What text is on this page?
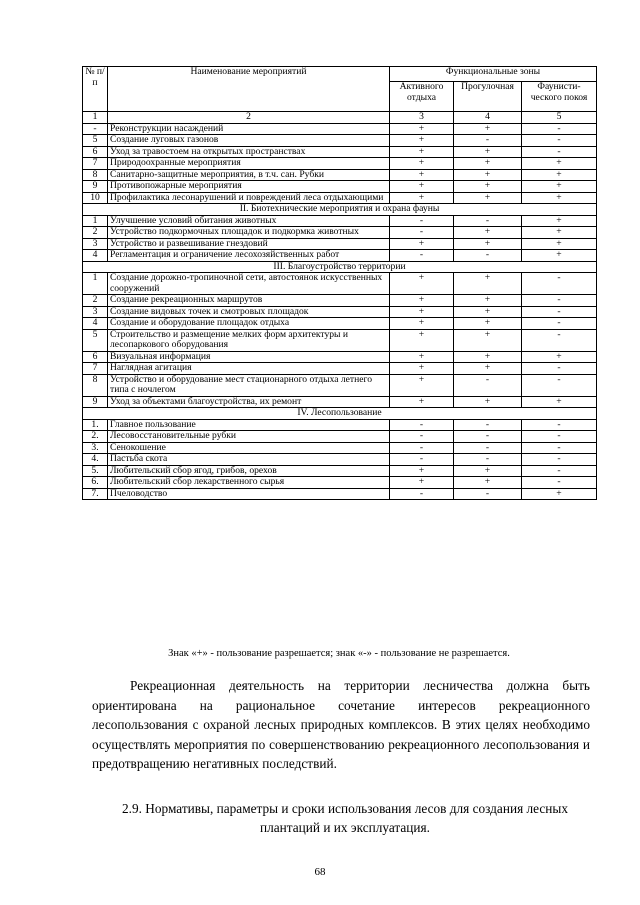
№ п/п	Наименование мероприятий	Функциональные зоны		
		Активного отдыха	Прогулочная	Фаунисти-ческого покоя
1	2	3	4	5
-	Реконструкции насаждений	+	+	-
5	Создание луговых газонов	+	-	-
6	Уход за травостоем на открытых пространствах	+	+	-
7	Природоохранные мероприятия	+	+	+
8	Санитарно-защитные мероприятия, в т.ч. сан. Рубки	+	+	+
9	Противопожарные мероприятия	+	+	+
10	Профилактика лесонарушений и повреждений леса отдыхающими	+	+	+
II. Биотехнические мероприятия и охрана фауны				
1	Улучшение условий обитания животных	-	-	+
2	Устройство подкормочных площадок и подкормка животных	-	+	+
3	Устройство и развешивание гнездовий	+	+	+
4	Регламентация и ограничение лесохозяйственных работ	-	-	+
III. Благоустройство территории				
1	Создание дорожно-тропиночной сети, автостоянок искусственных сооружений	+	+	-
2	Создание рекреационных маршрутов	+	+	-
3	Создание видовых точек и смотровых площадок	+	+	-
4	Создание и оборудование площадок отдыха	+	+	-
5	Строительство и размещение мелких форм архитектуры и лесопаркового оборудования	+	+	-
6	Визуальная информация	+	+	+
7	Наглядная агитация	+	+	-
8	Устройство и оборудование мест стационарного отдыха летнего типа с ночлегом	+	-	-
9	Уход за объектами благоустройства, их ремонт	+	+	+
IV. Лесопользование				
1.	Главное пользование	-	-	-
2.	Лесовосстановительные рубки	-	-	-
3.	Сенокошение	-	-	-
4.	Пастьба скота	-	-	-
5.	Любительский сбор ягод, грибов, орехов	+	+	-
6.	Любительский сбор лекарственного сырья	+	+	-
7.	Пчеловодство	-	-	+
Знак «+» - пользование разрешается; знак «-» - пользование не разрешается.

Рекреационная деятельность на территории лесничества должна быть ориентирована на рациональное сочетание интересов рекреационного лесопользования с охраной лесных природных комплексов. В этих целях необходимо осуществлять мероприятия по совершенствованию рекреационного лесопользования и предотвращению негативных последствий.

2.9. Нормативы, параметры и сроки использования лесов для создания лесных плантаций и их эксплуатация.

68
